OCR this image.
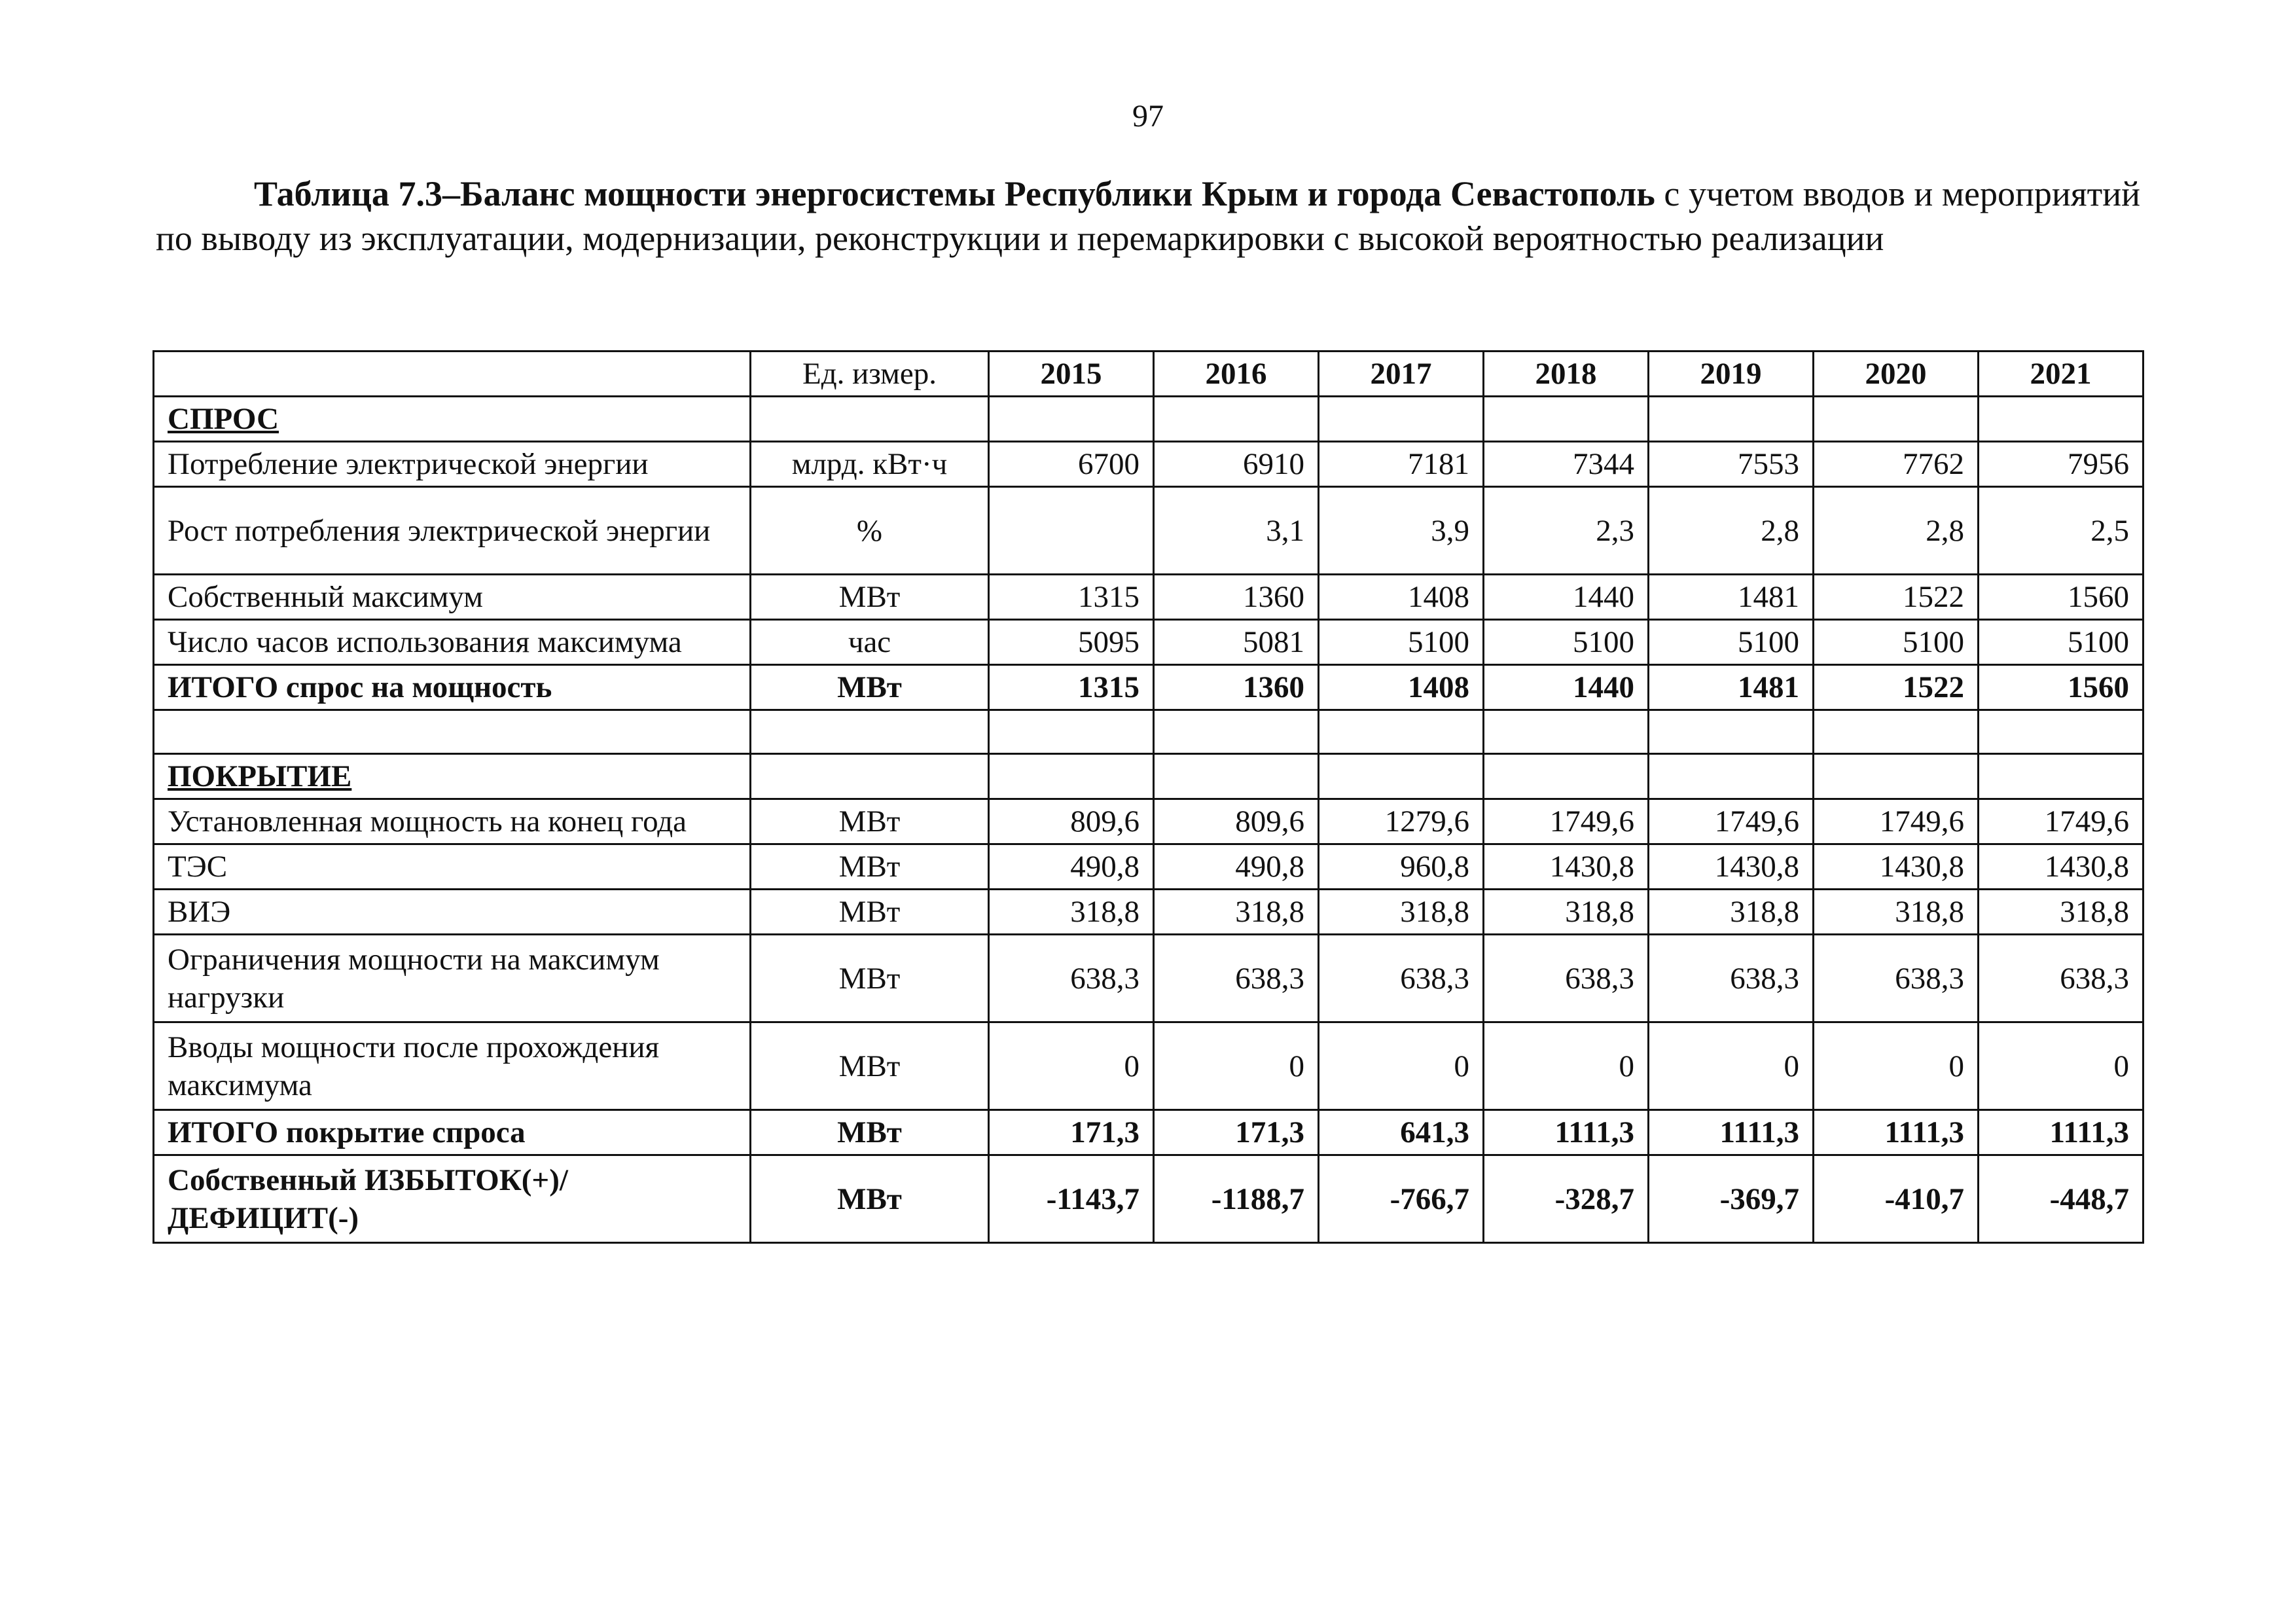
97

Таблица 7.3–Баланс мощности энергосистемы Республики Крым и города Севастополь с учетом вводов и мероприятий по выводу из эксплуатации, модернизации, реконструкции и перемаркировки с высокой вероятностью реализации

	Ед. измер.	2015	2016	2017	2018	2019	2020	2021
СПРОС								
Потребление электрической энергии	млрд. кВт·ч	6700	6910	7181	7344	7553	7762	7956
Рост потребления электрической энергии	%		3,1	3,9	2,3	2,8	2,8	2,5
Собственный максимум	МВт	1315	1360	1408	1440	1481	1522	1560
Число часов использования максимума	час	5095	5081	5100	5100	5100	5100	5100
ИТОГО спрос на мощность	МВт	1315	1360	1408	1440	1481	1522	1560

ПОКРЫТИЕ								
Установленная мощность на конец года	МВт	809,6	809,6	1279,6	1749,6	1749,6	1749,6	1749,6
ТЭС	МВт	490,8	490,8	960,8	1430,8	1430,8	1430,8	1430,8
ВИЭ	МВт	318,8	318,8	318,8	318,8	318,8	318,8	318,8
Ограничения мощности на максимум нагрузки	МВт	638,3	638,3	638,3	638,3	638,3	638,3	638,3
Вводы мощности после прохождения максимума	МВт	0	0	0	0	0	0	0
ИТОГО покрытие спроса	МВт	171,3	171,3	641,3	1111,3	1111,3	1111,3	1111,3
Собственный ИЗБЫТОК(+)/ДЕФИЦИТ(-)	МВт	-1143,7	-1188,7	-766,7	-328,7	-369,7	-410,7	-448,7
